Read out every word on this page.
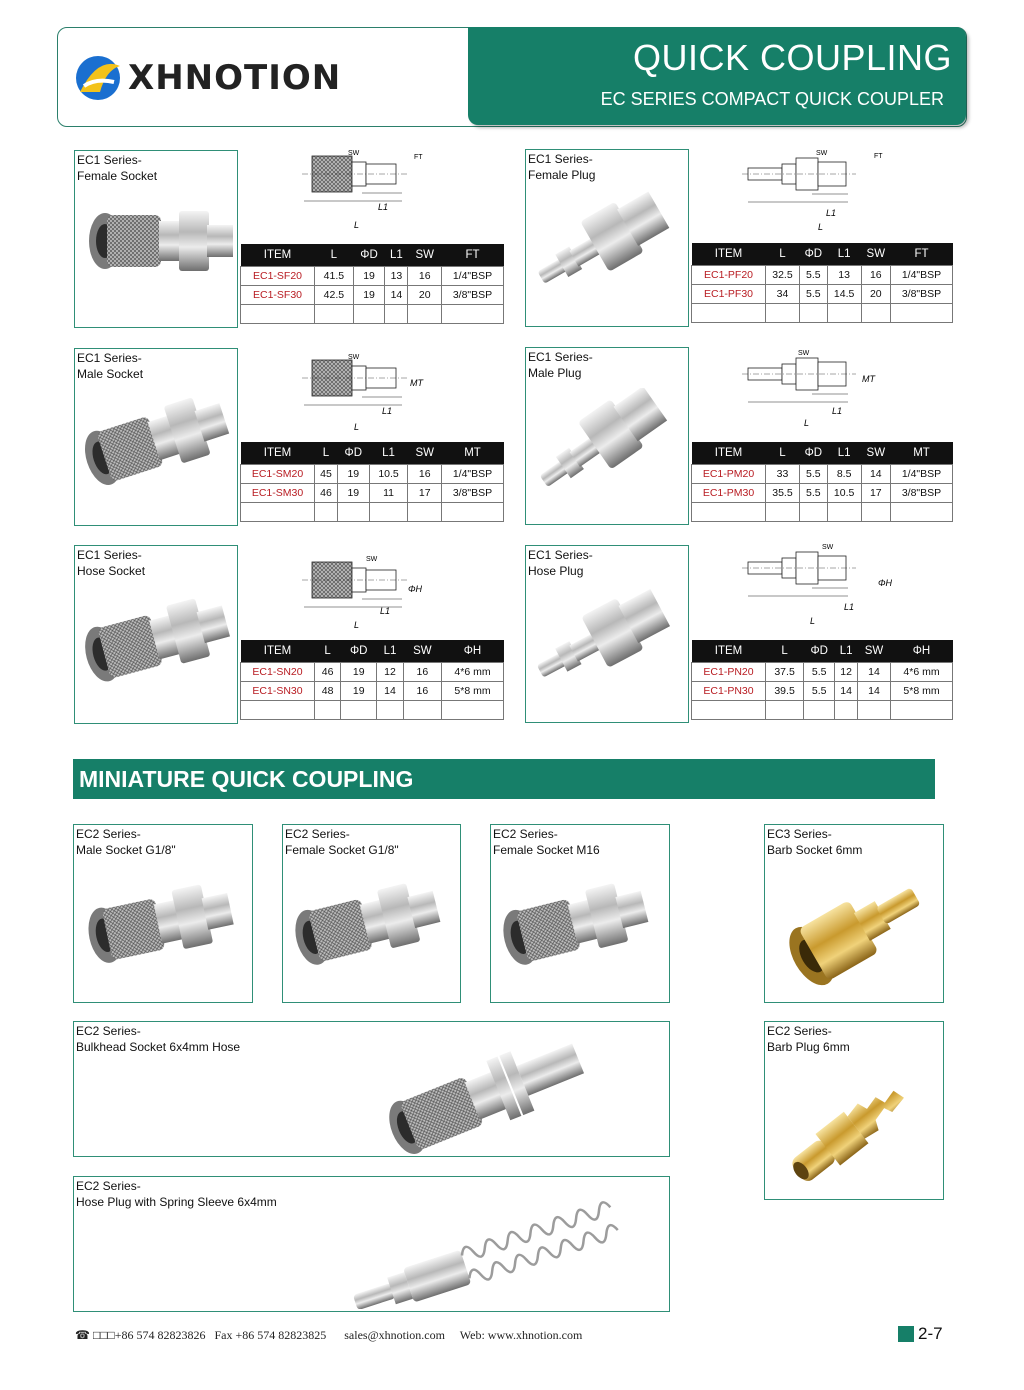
XHNOTION	QUICK COUPLING
EC SERIES COMPACT QUICK COUPLER
EC1 Series-
Female Socket
SW
FT
L1
L
ITEM	L	ΦD	L1	SW	FT
EC1-SF20	41.5	19	13	16	1/4"BSP
EC1-SF30	42.5	19	14	20	3/8"BSP

EC1 Series-
Female Plug
SW	FT
L1
L
ITEM	L	ΦD	L1	SW	FT
EC1-PF20	32.5	5.5	13	16	1/4"BSP
EC1-PF30	34	5.5	14.5	20	3/8"BSP

EC1 Series-
Male Socket
SW
MT
L1
L
ITEM	L	ΦD	L1	SW	MT
EC1-SM20	45	19	10.5	16	1/4"BSP
EC1-SM30	46	19	11	17	3/8"BSP

EC1 Series-
Male Plug
SW
MT
L1
L
ITEM	L	ΦD	L1	SW	MT
EC1-PM20	33	5.5	8.5	14	1/4"BSP
EC1-PM30	35.5	5.5	10.5	17	3/8"BSP

EC1 Series-
Hose Socket
SW
ΦH
L1
L
ITEM	L	ΦD	L1	SW	ΦH
EC1-SN20	46	19	12	16	4*6 mm
EC1-SN30	48	19	14	16	5*8 mm

EC1 Series-
Hose Plug
SW
ΦH
L1
L
ITEM	L	ΦD	L1	SW	ΦH
EC1-PN20	37.5	5.5	12	14	4*6 mm
EC1-PN30	39.5	5.5	14	14	5*8 mm

MINIATURE QUICK COUPLING
EC2 Series-
Male Socket G1/8"
EC2 Series-
Female Socket G1/8"
EC2 Series-
Female Socket M16
EC3 Series-
Barb Socket 6mm
EC2 Series-
Bulkhead Socket 6x4mm Hose
EC2 Series-
Barb Plug 6mm
EC2 Series-
Hose Plug with Spring Sleeve 6x4mm
☎ □□□+86 574 82823826 Fax +86 574 82823825 sales@xhnotion.com Web: www.xhnotion.com	2-7
